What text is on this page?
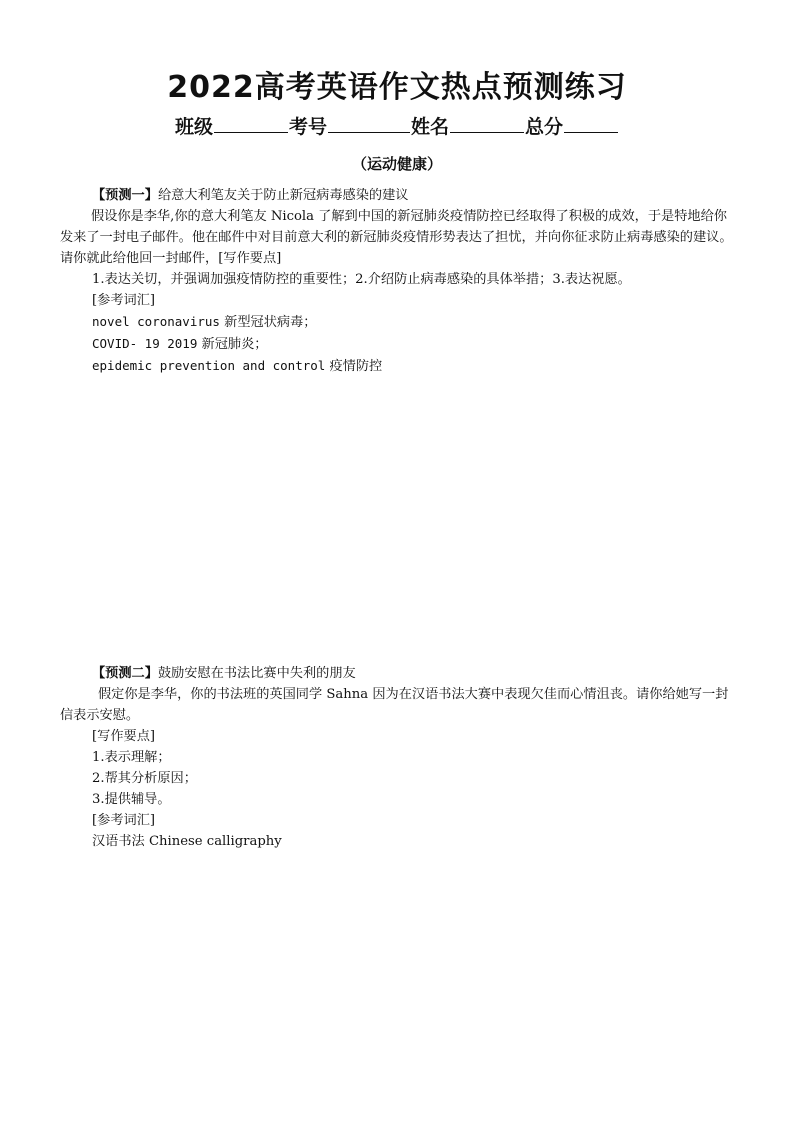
2022高考英语作文热点预测练习
班级	考号	姓名	总分
（运动健康）

【预测一】给意大利笔友关于防止新冠病毒感染的建议

假设你是李华,你的意大利笔友 Nicola 了解到中国的新冠肺炎疫情防控已经取得了积极的成效，于是特地给你发来了一封电子邮件。他在邮件中对目前意大利的新冠肺炎疫情形势表达了担忧，并向你征求防止病毒感染的建议。请你就此给他回一封邮件，[写作要点]

1.表达关切，并强调加强疫情防控的重要性；2.介绍防止病毒感染的具体举措；3.表达祝愿。

[参考词汇]

novel coronavirus 新型冠状病毒；

COVID- 19 2019 新冠肺炎；

epidemic prevention and control 疫情防控

【预测二】鼓励安慰在书法比赛中失利的朋友

假定你是李华，你的书法班的英国同学 Sahna 因为在汉语书法大赛中表现欠佳而心情沮丧。请你给她写一封信表示安慰。

[写作要点]

1.表示理解；

2.帮其分析原因；

3.提供辅导。

[参考词汇]

汉语书法 Chinese calligraphy
